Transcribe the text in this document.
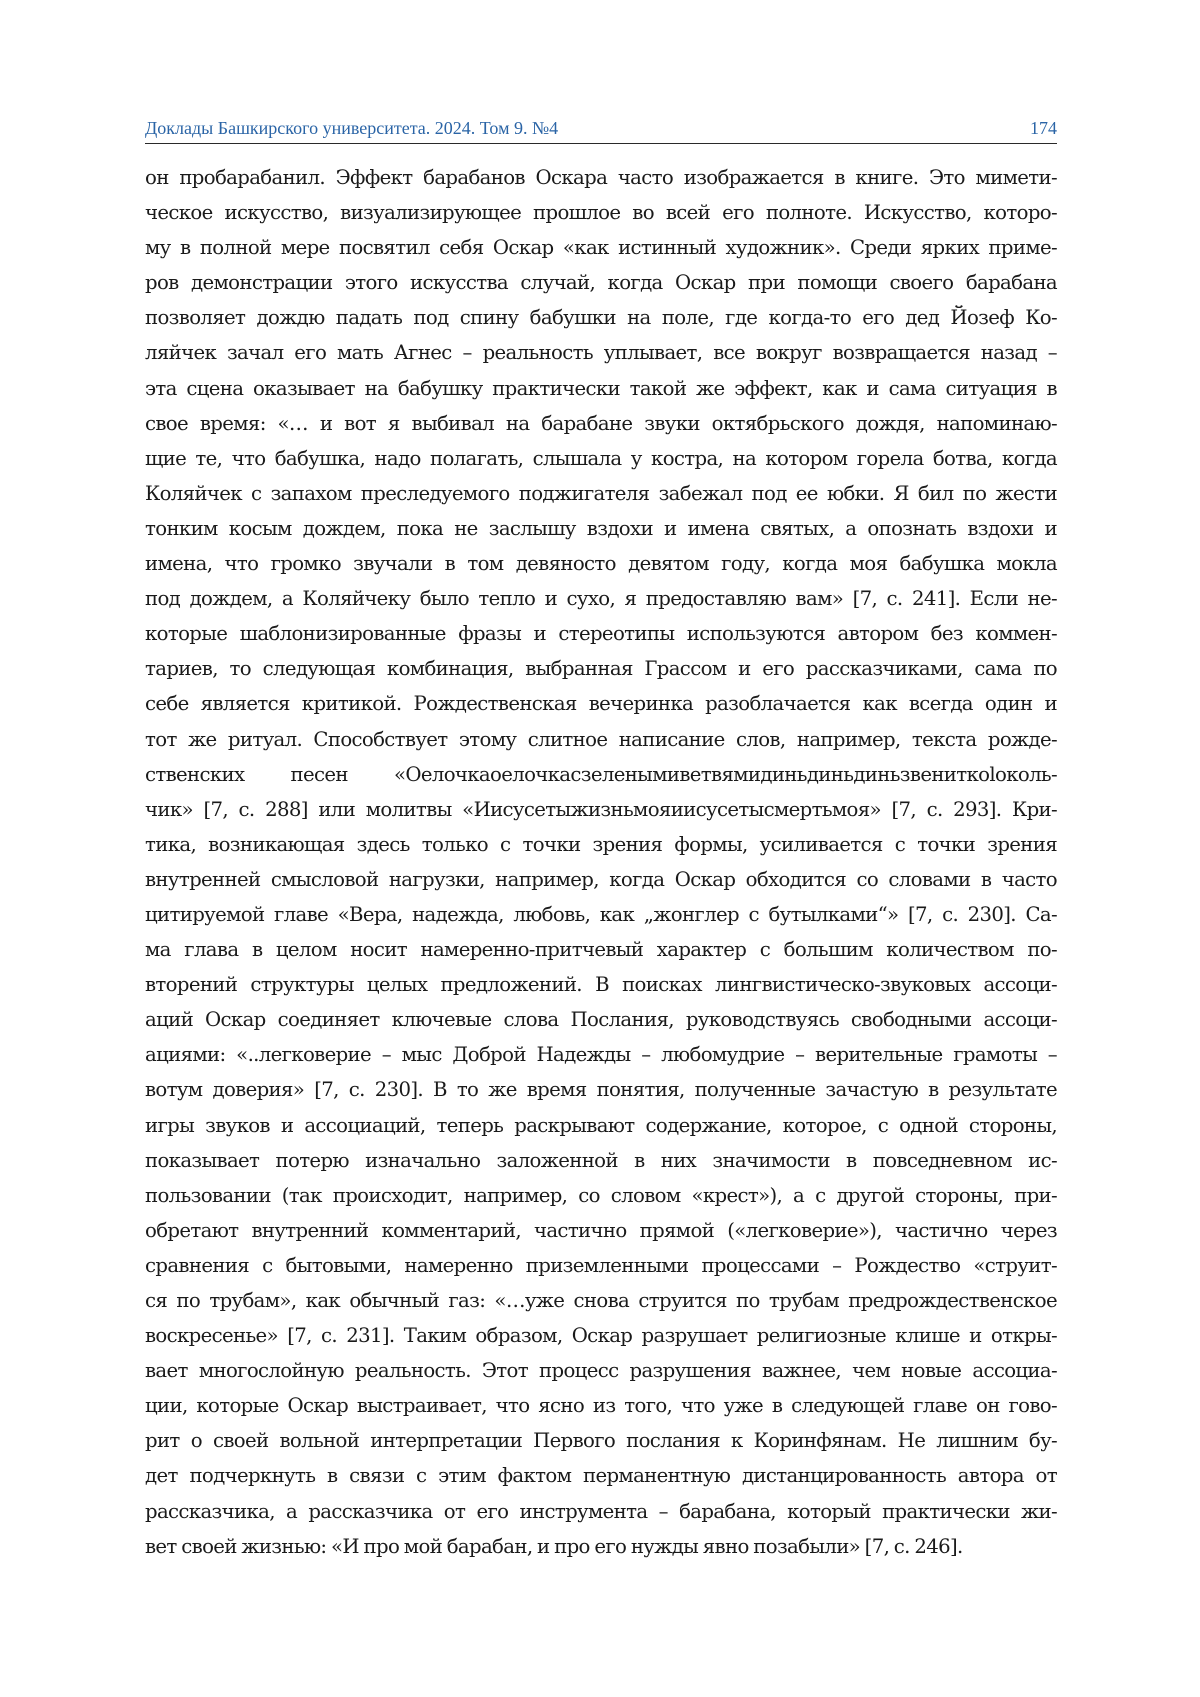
Доклады Башкирского университета. 2024. Том 9. №4	174
он пробарабанил. Эффект барабанов Оскара часто изображается в книге. Это мимети-
ческое искусство, визуализирующее прошлое во всей его полноте. Искусство, которо-
му в полной мере посвятил себя Оскар «как истинный художник». Среди ярких приме-
ров демонстрации этого искусства случай, когда Оскар при помощи своего барабана
позволяет дождю падать под спину бабушки на поле, где когда-то его дед Йозеф Ко-
ляйчек зачал его мать Агнес – реальность уплывает, все вокруг возвращается назад –
эта сцена оказывает на бабушку практически такой же эффект, как и сама ситуация в
свое время: «… и вот я выбивал на барабане звуки октябрьского дождя, напоминаю-
щие те, что бабушка, надо полагать, слышала у костра, на котором горела ботва, когда
Коляйчек с запахом преследуемого поджигателя забежал под ее юбки. Я бил по жести
тонким косым дождем, пока не заслышу вздохи и имена святых, а опознать вздохи и
имена, что громко звучали в том девяносто девятом году, когда моя бабушка мокла
под дождем, а Коляйчеку было тепло и сухо, я предоставляю вам» [7, с. 241]. Если не-
которые шаблонизированные фразы и стереотипы используются автором без коммен-
тариев, то следующая комбинация, выбранная Грассом и его рассказчиками, сама по
себе является критикой. Рождественская вечеринка разоблачается как всегда один и
тот же ритуал. Способствует этому слитное написание слов, например, текста рожде-
ственских песен «Оелочкаоелочкасзеленымиветвямидиньдиньдиньзвениткolоколь-
чик» [7, с. 288] или молитвы «Иисусетыжизньмояиисусетысмертьмоя» [7, с. 293]. Кри-
тика, возникающая здесь только с точки зрения формы, усиливается с точки зрения
внутренней смысловой нагрузки, например, когда Оскар обходится со словами в часто
цитируемой главе «Вера, надежда, любовь, как „жонглер с бутылками“» [7, с. 230]. Са-
ма глава в целом носит намеренно-притчевый характер с большим количеством по-
вторений структуры целых предложений. В поисках лингвистическо-звуковых ассоци-
аций Оскар соединяет ключевые слова Послания, руководствуясь свободными ассоци-
ациями: «..легковерие – мыс Доброй Надежды – любомудрие – верительные грамоты –
вотум доверия» [7, с. 230]. В то же время понятия, полученные зачастую в результате
игры звуков и ассоциаций, теперь раскрывают содержание, которое, с одной стороны,
показывает потерю изначально заложенной в них значимости в повседневном ис-
пользовании (так происходит, например, со словом «крест»), а с другой стороны, при-
обретают внутренний комментарий, частично прямой («легковерие»), частично через
сравнения с бытовыми, намеренно приземленными процессами – Рождество «струит-
ся по трубам», как обычный газ: «…уже снова струится по трубам предрождественское
воскресенье» [7, с. 231]. Таким образом, Оскар разрушает религиозные клише и откры-
вает многослойную реальность. Этот процесс разрушения важнее, чем новые ассоциа-
ции, которые Оскар выстраивает, что ясно из того, что уже в следующей главе он гово-
рит о своей вольной интерпретации Первого послания к Коринфянам. Не лишним бу-
дет подчеркнуть в связи с этим фактом перманентную дистанцированность автора от
рассказчика, а рассказчика от его инструмента – барабана, который практически жи-
вет своей жизнью: «И про мой барабан, и про его нужды явно позабыли» [7, с. 246].
